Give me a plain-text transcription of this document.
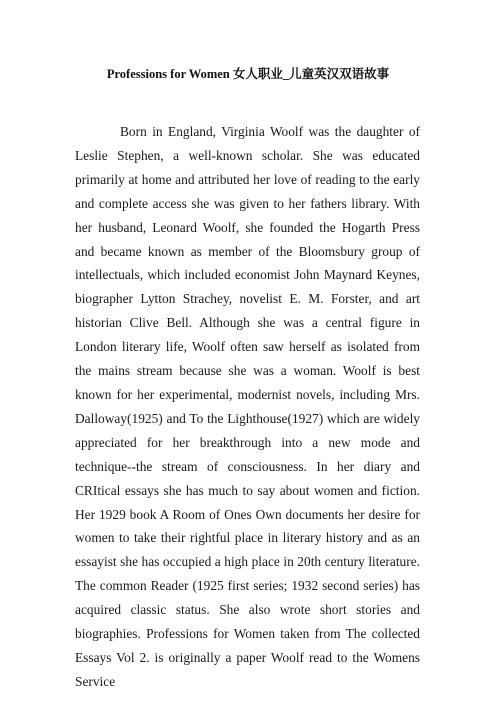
Professions for Women 女人职业_儿童英汉双语故事

Born in England, Virginia Woolf was the daughter of Leslie Stephen, a well-known scholar. She was educated primarily at home and attributed her love of reading to the early and complete access she was given to her fathers library. With her husband, Leonard Woolf, she founded the Hogarth Press and became known as member of the Bloomsbury group of intellectuals, which included economist John Maynard Keynes, biographer Lytton Strachey, novelist E. M. Forster, and art historian Clive Bell. Although she was a central figure in London literary life, Woolf often saw herself as isolated from the mains stream because she was a woman. Woolf is best known for her experimental, modernist novels, including Mrs. Dalloway(1925) and To the Lighthouse(1927) which are widely appreciated for her breakthrough into a new mode and technique--the stream of consciousness. In her diary and CRItical essays she has much to say about women and fiction. Her 1929 book A Room of Ones Own documents her desire for women to take their rightful place in literary history and as an essayist she has occupied a high place in 20th century literature. The common Reader (1925 first series; 1932 second series) has acquired classic status. She also wrote short stories and biographies. Professions for Women taken from The collected Essays Vol 2. is originally a paper Woolf read to the Womens Service
